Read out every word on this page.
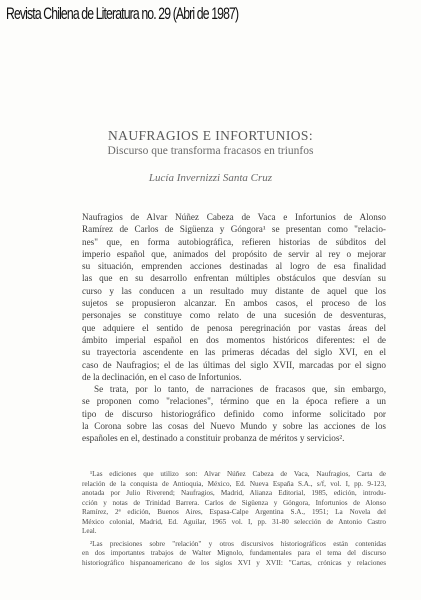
Revista Chilena de Literatura no. 29 (Abri de 1987)
NAUFRAGIOS E INFORTUNIOS:
Discurso que transforma fracasos en triunfos
Lucía Invernizzi Santa Cruz
Naufragios de Alvar Núñez Cabeza de Vaca e Infortunios de Alonso
Ramírez de Carlos de Sigüenza y Góngora¹ se presentan como "relacio-
nes" que, en forma autobiográfica, refieren historias de súbditos del
imperio español que, animados del propósito de servir al rey o mejorar
su situación, emprenden acciones destinadas al logro de esa finalidad
las que en su desarrollo enfrentan múltiples obstáculos que desvían su
curso y las conducen a un resultado muy distante de aquel que los
sujetos se propusieron alcanzar. En ambos casos, el proceso de los
personajes se constituye como relato de una sucesión de desventuras,
que adquiere el sentido de penosa peregrinación por vastas áreas del
ámbito imperial español en dos momentos históricos diferentes: el de
su trayectoria ascendente en las primeras décadas del siglo XVI, en el
caso de Naufragios; el de las últimas del siglo XVII, marcadas por el signo
de la declinación, en el caso de Infortunios.
Se trata, por lo tanto, de narraciones de fracasos que, sin embargo,
se proponen como "relaciones", término que en la época refiere a un
tipo de discurso historiográfico definido como informe solicitado por
la Corona sobre las cosas del Nuevo Mundo y sobre las acciones de los
españoles en el, destinado a constituir probanza de méritos y servicios².
¹Las ediciones que utilizo son: Alvar Núñez Cabeza de Vaca, Naufragios, Carta de
relación de la conquista de Antioquia, México, Ed. Nueva España S.A., s/f, vol. I, pp. 9-123,
anotada por Julio Riverend; Naufragios, Madrid, Alianza Editorial, 1985, edición, introdu-
cción y notas de Trinidad Barrera. Carlos de Sigüenza y Góngora, Infortunios de Alonso
Ramírez, 2ª edición, Buenos Aires, Espasa-Calpe Argentina S.A., 1951; La Novela del
México colonial, Madrid, Ed. Aguilar, 1965 vol. I, pp. 31-80 selección de Antonio Castro
Leal.
²Las precisiones sobre "relación" y otros discursivos historiográficos están contenidas
en dos importantes trabajos de Walter Mignolo, fundamentales para el tema del discurso
historiográfico hispanoamericano de los siglos XVI y XVII: "Cartas, crónicas y relaciones
